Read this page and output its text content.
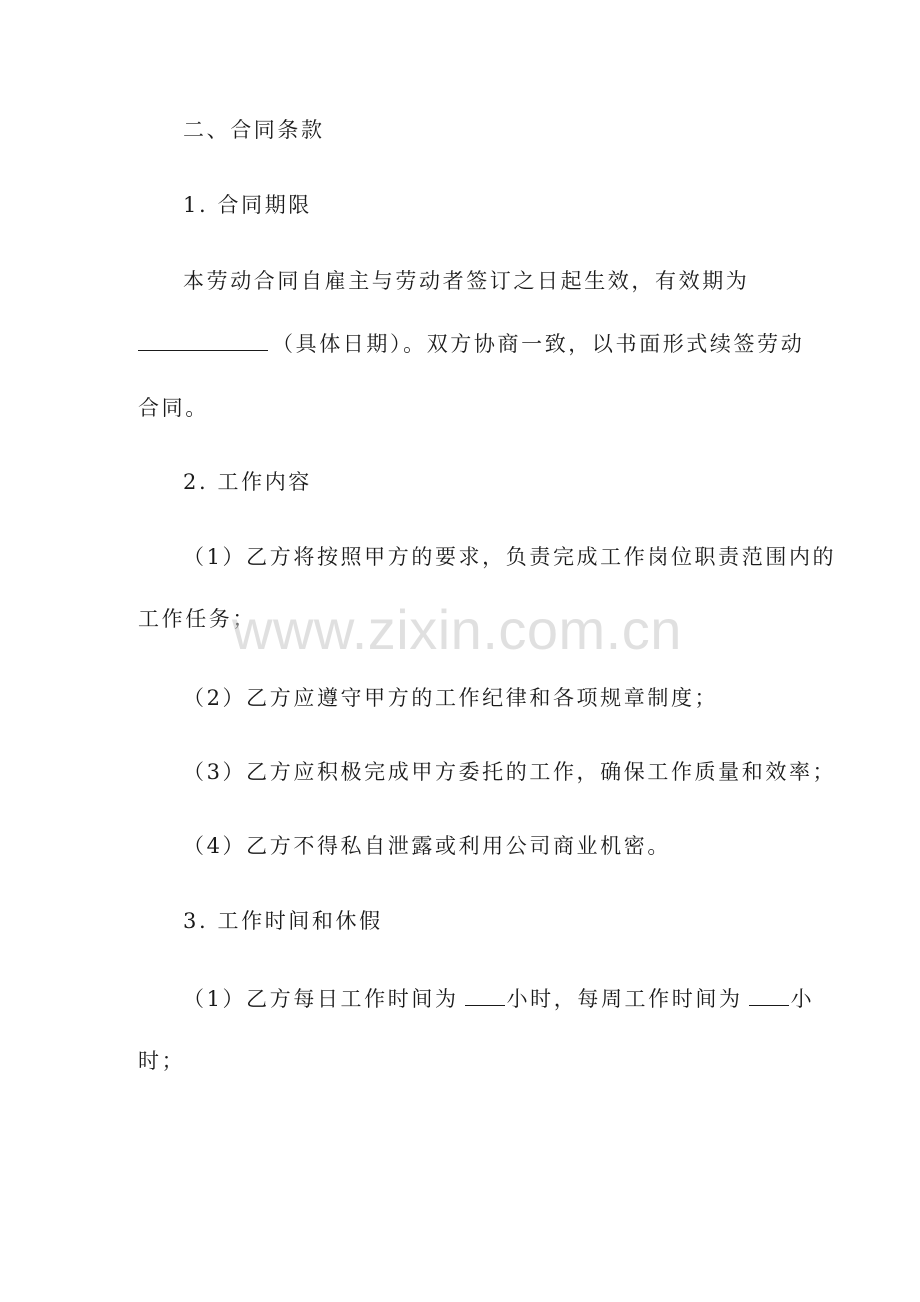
二、合同条款
1. 合同期限
本劳动合同自雇主与劳动者签订之日起生效，有效期为
（具体日期）。双方协商一致，以书面形式续签劳动
合同。
2. 工作内容
（1）乙方将按照甲方的要求，负责完成工作岗位职责范围内的
工作任务；
（2）乙方应遵守甲方的工作纪律和各项规章制度；
（3）乙方应积极完成甲方委托的工作，确保工作质量和效率；
（4）乙方不得私自泄露或利用公司商业机密。
3. 工作时间和休假
（1）乙方每日工作时间为 小时，每周工作时间为 小
时；
www.zixin.com.cn
